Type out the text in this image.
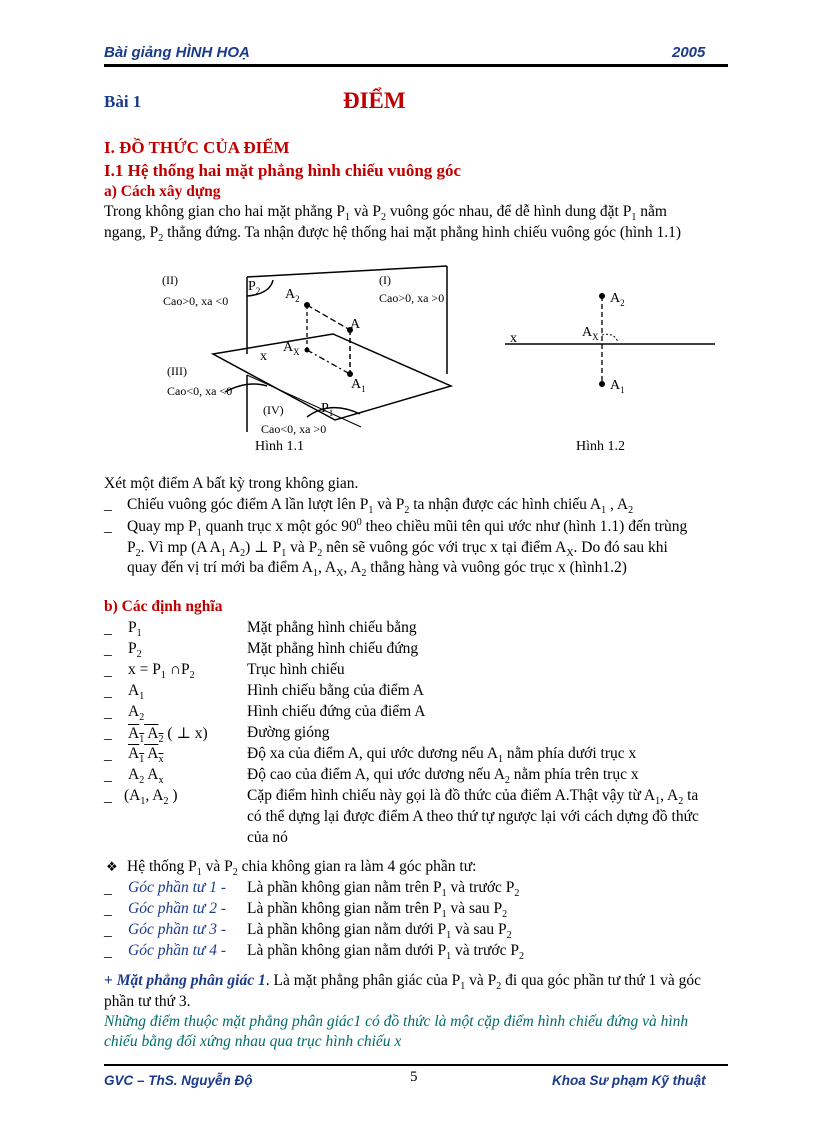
Bài giảng HÌNH HOẠ	2005
Bài 1	ĐIỂM
I. ĐỒ THỨC CỦA ĐIỂM
I.1 Hệ thống hai mặt phẳng hình chiếu vuông góc
a) Cách xây dựng
Trong không gian cho hai mặt phẳng $P_1$ và $P_2$ vuông góc nhau, để dễ hình dung đặt $P_1$ nằm
ngang, $P_2$ thẳng đứng. Ta nhận được hệ thống hai mặt phẳng hình chiếu vuông góc (hình 1.1)
$A_2$
A
$A_X$
$A_1$
$P_2$
$P_1$
x
(II)
Cao>0, xa <0
(I)
Cao>0, xa >0
(III)
Cao<0, xa <0
(IV)
Cao<0, xa >0
Hình 1.1
x
$A_2$
$A_X$
$A_1$
Hình 1.2
Xét một điểm A bất kỳ trong không gian.
_ Chiếu vuông góc điểm A lần lượt lên $P_1$ và $P_2$ ta nhận được các hình chiếu $A_1$ , $A_2$
_ Quay mp $P_1$ quanh trục x một góc $90^0$ theo chiều mũi tên qui ước như (hình 1.1) đến trùng
$P_2$. Vì mp (A $A_1$ $A_2$) ⊥ $P_1$ và $P_2$ nên sẽ vuông góc với trục x tại điểm $A_X$. Do đó sau khi
quay đến vị trí mới ba điểm $A_1$, $A_X$, $A_2$ thẳng hàng và vuông góc trục x (hình1.2)
b) Các định nghĩa
_ $P_1$	Mặt phẳng hình chiếu bằng
_ $P_2$	Mặt phẳng hình chiếu đứng
_ $x = P_1$ $\cap P_2$	Trục hình chiếu
_ $A_1$	Hình chiếu bằng của điểm A
_ $A_2$	Hình chiếu đứng của điểm A
_ $A_1$ $A_2$ ( ⊥ x)	Đường gióng
_ $A_1$ $A_x$	Độ xa của điểm A, qui ước dương nếu $A_1$ nằm phía dưới trục x
_ $A_2$ $A_x$	Độ cao của điểm A, qui ước dương nếu $A_2$ nằm phía trên trục x
_ ($A_1$, $A_2$ )	Cặp điểm hình chiếu này gọi là đồ thức của điểm A.Thật vậy từ $A_1$, $A_2$ ta
có thể dựng lại được điểm A theo thứ tự ngược lại với cách dựng đồ thức
của nó
❖ Hệ thống $P_1$ và $P_2$ chia không gian ra làm 4 góc phần tư:
_ Góc phần tư 1 - Là phần không gian nằm trên $P_1$ và trước $P_2$
_ Góc phần tư 2 - Là phần không gian nằm trên $P_1$ và sau $P_2$
_ Góc phần tư 3 - Là phần không gian nằm dưới $P_1$ và sau $P_2$
_ Góc phần tư 4 - Là phần không gian nằm dưới $P_1$ và trước $P_2$
+ Mặt phẳng phân giác 1. Là mặt phẳng phân giác của $P_1$ và $P_2$ đi qua góc phần tư thứ 1 và góc
phần tư thứ 3.
Những điểm thuộc mặt phẳng phân giác1 có đồ thức là một cặp điểm hình chiếu đứng và hình
chiếu bằng đối xứng nhau qua trục hình chiếu x
GVC – ThS. Nguyễn Độ	5	Khoa Sư phạm Kỹ thuật
